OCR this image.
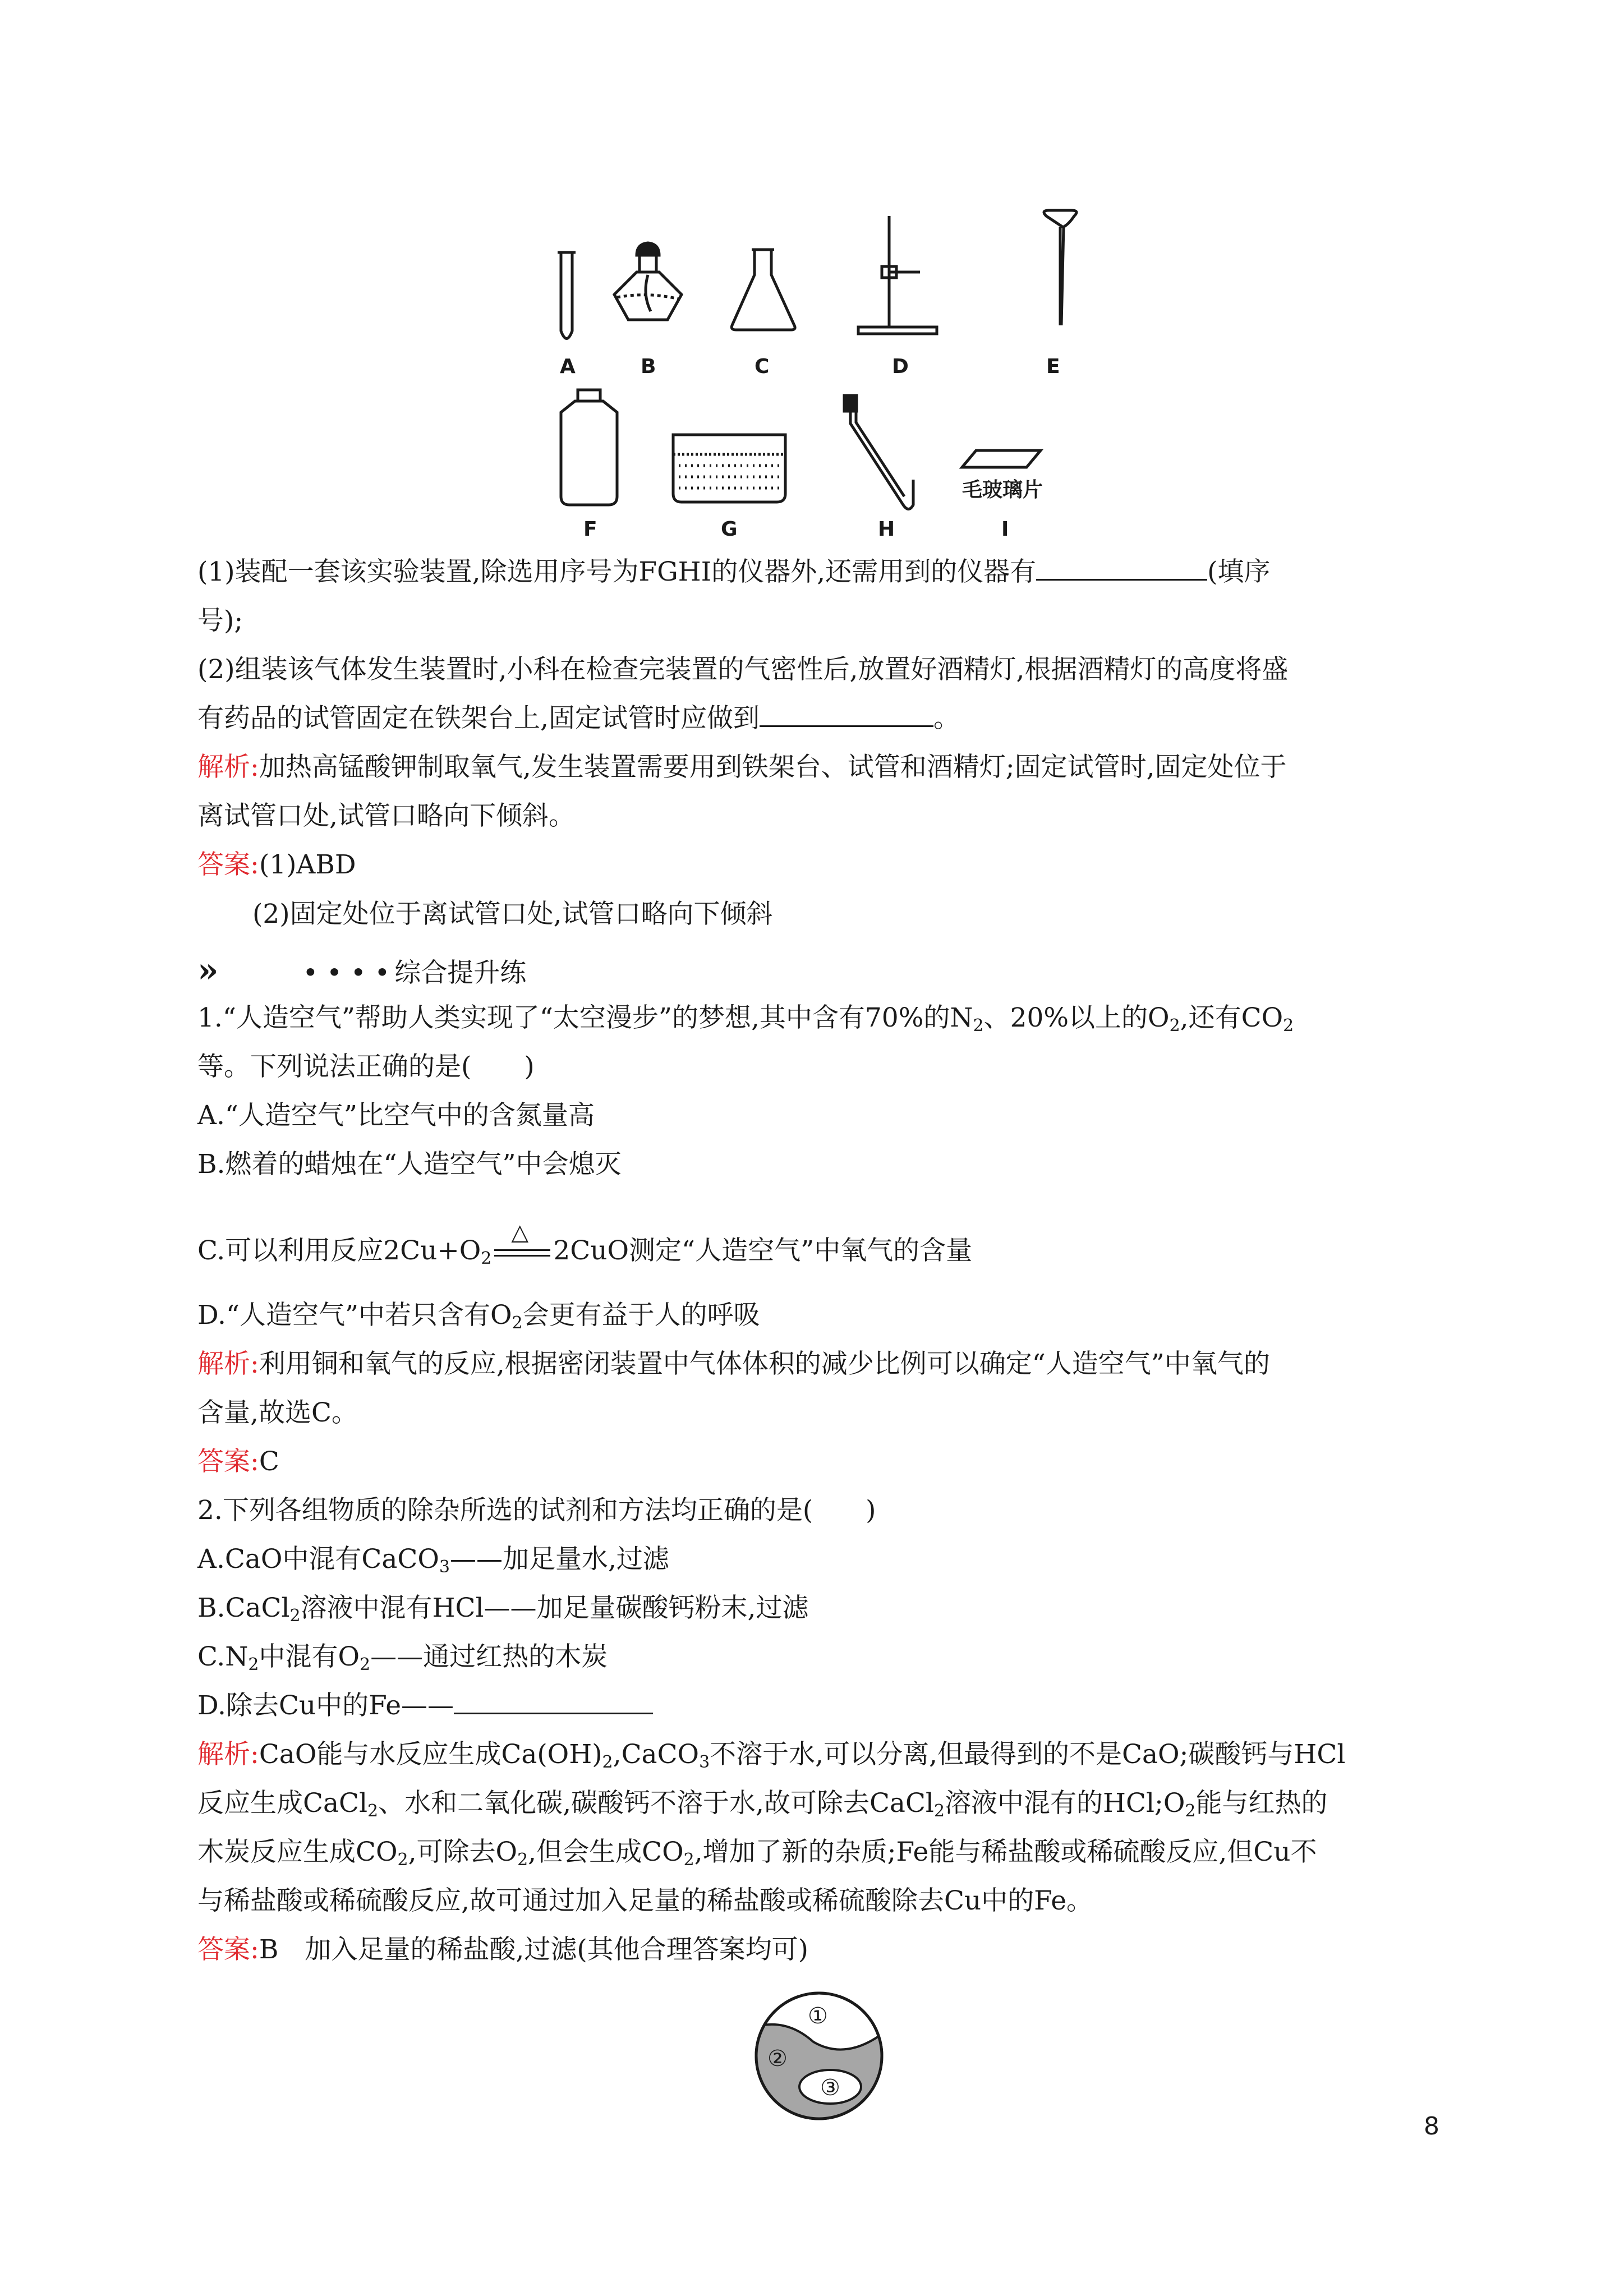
A	B	C	D	E
F	G	H	I
毛玻璃片
(1)装配一套该实验装置,除选用序号为FGHI的仪器外,还需用到的仪器有	(填序
号);
(2)组装该气体发生装置时,小科在检查完装置的气密性后,放置好酒精灯,根据酒精灯的高度将盛
有药品的试管固定在铁架台上,固定试管时应做到	。
解析:加热高锰酸钾制取氧气,发生装置需要用到铁架台、试管和酒精灯;固定试管时,固定处位于
离试管口处,试管口略向下倾斜。
答案:(1)ABD
(2)固定处位于离试管口处,试管口略向下倾斜
»	• • • • 综合提升练
1.“人造空气”帮助人类实现了“太空漫步”的梦想,其中含有70%的$N_2$、20%以上的$O_2$,还有$CO_2$
等。下列说法正确的是(　　)
A.“人造空气”比空气中的含氮量高
B.燃着的蜡烛在“人造空气”中会熄灭
C.可以利用反应$2Cu+O_2$
△
2CuO测定“人造空气”中氧气的含量
D.“人造空气”中若只含有$O_2$会更有益于人的呼吸
解析:利用铜和氧气的反应,根据密闭装置中气体体积的减少比例可以确定“人造空气”中氧气的
含量,故选C。
答案:C
2.下列各组物质的除杂所选的试剂和方法均正确的是(　　)
A.CaO中混有CaCO$_3$——加足量水,过滤
B.CaCl$_2$溶液中混有HCl——加足量碳酸钙粉末,过滤
$C.N_2$中混有$O_2——$通过红热的木炭
D.除去Cu中的Fe——
解析:CaO能与水反应生成$Ca(OH)_2,CaCO_3$不溶于水,可以分离,但最得到的不是CaO;碳酸钙与HCl
反应生成CaCl$_2$、水和二氧化碳,碳酸钙不溶于水,故可除去CaCl$_2$溶液中混有的$HCl;O_2$能与红热的
木炭反应生成$CO_2$,可除去$O_2$,但会生成$CO_2$,增加了新的杂质;Fe能与稀盐酸或稀硫酸反应,但Cu不
与稀盐酸或稀硫酸反应,故可通过加入足量的稀盐酸或稀硫酸除去Cu中的Fe。
答案:B　加入足量的稀盐酸,过滤(其他合理答案均可)
①
②
③
8
